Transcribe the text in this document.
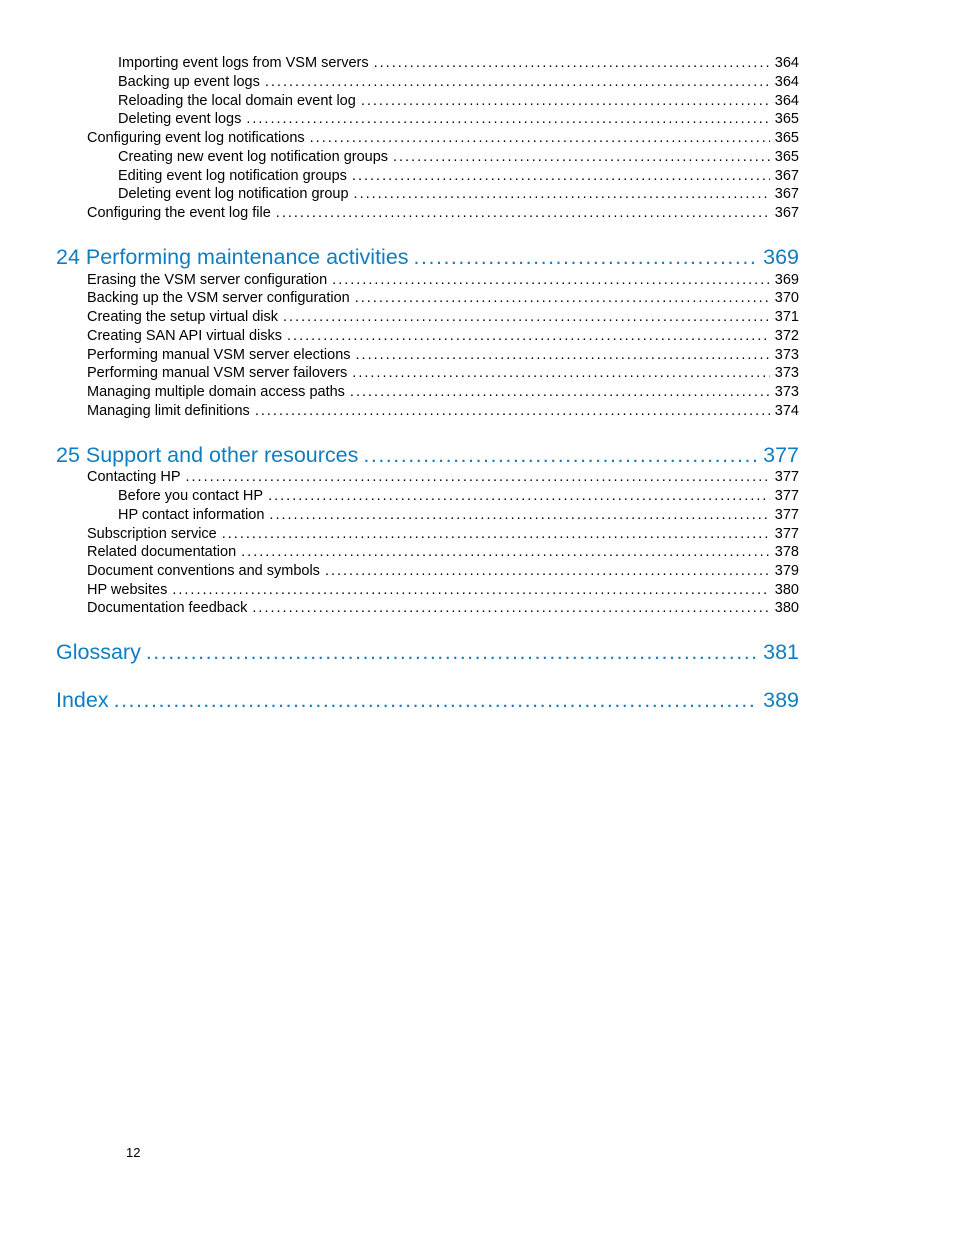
Importing event logs from VSM servers .....	364
Backing up event logs .....	364
Reloading the local domain event log .....	364
Deleting event logs .....	365
Configuring event log notifications .....	365
Creating new event log notification groups .....	365
Editing event log notification groups .....	367
Deleting event log notification group .....	367
Configuring the event log file .....	367
24 Performing maintenance activities .....	369
Erasing the VSM server configuration .....	369
Backing up the VSM server configuration .....	370
Creating the setup virtual disk .....	371
Creating SAN API virtual disks .....	372
Performing manual VSM server elections .....	373
Performing manual VSM server failovers .....	373
Managing multiple domain access paths .....	373
Managing limit definitions .....	374
25 Support and other resources .....	377
Contacting HP .....	377
Before you contact HP .....	377
HP contact information .....	377
Subscription service .....	377
Related documentation .....	378
Document conventions and symbols .....	379
HP websites .....	380
Documentation feedback .....	380
Glossary .....	381
Index .....	389
12
